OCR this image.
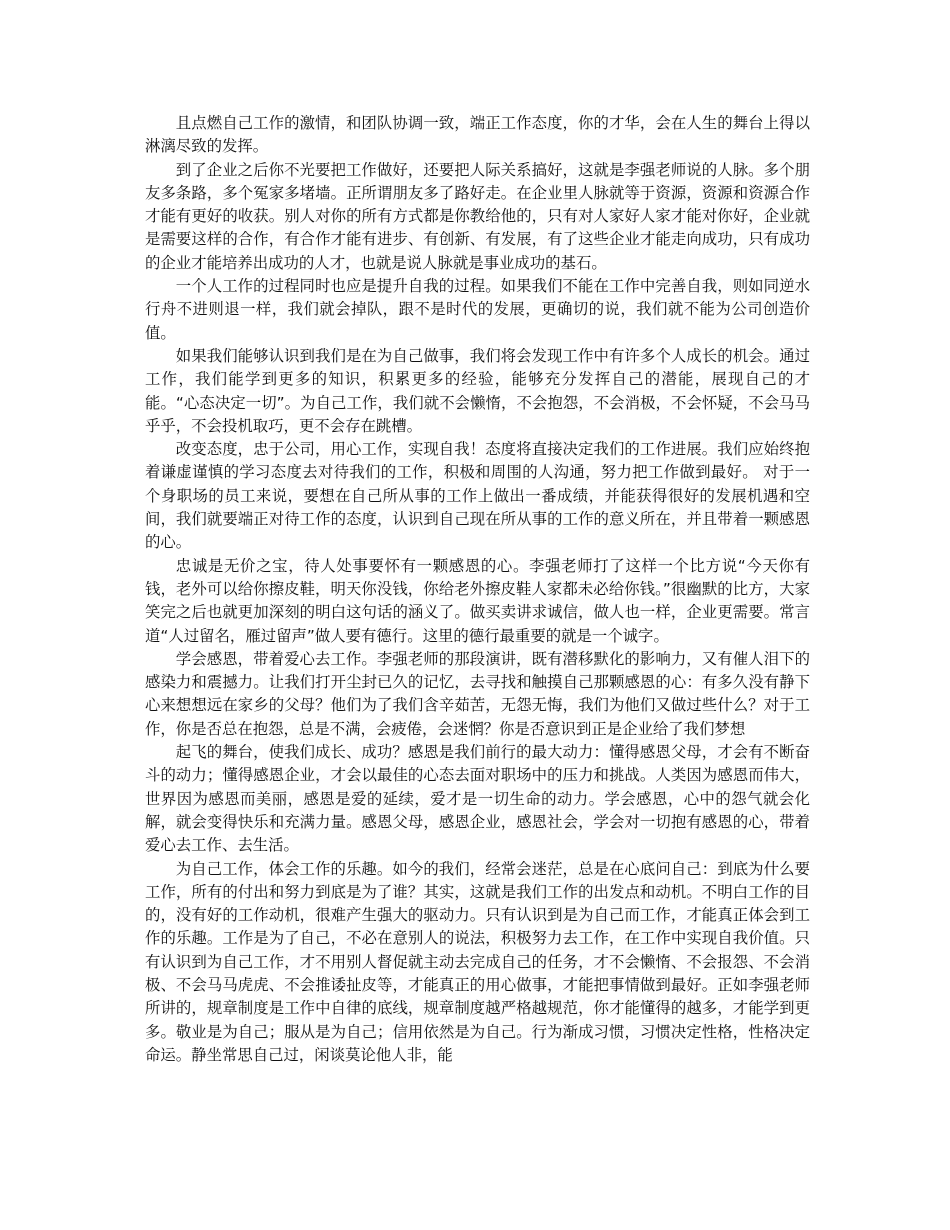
且点燃自己工作的激情，和团队协调一致，端正工作态度，你的才华，会在人生的舞台上得以淋漓尽致的发挥。

到了企业之后你不光要把工作做好，还要把人际关系搞好，这就是李强老师说的人脉。多个朋友多条路，多个冤家多堵墙。正所谓朋友多了路好走。在企业里人脉就等于资源，资源和资源合作才能有更好的收获。别人对你的所有方式都是你教给他的，只有对人家好人家才能对你好，企业就是需要这样的合作，有合作才能有进步、有创新、有发展，有了这些企业才能走向成功，只有成功的企业才能培养出成功的人才，也就是说人脉就是事业成功的基石。

一个人工作的过程同时也应是提升自我的过程。如果我们不能在工作中完善自我，则如同逆水行舟不进则退一样，我们就会掉队，跟不是时代的发展，更确切的说，我们就不能为公司创造价值。

如果我们能够认识到我们是在为自己做事，我们将会发现工作中有许多个人成长的机会。通过工作，我们能学到更多的知识，积累更多的经验，能够充分发挥自己的潜能，展现自己的才能。“心态决定一切”。为自己工作，我们就不会懒惰，不会抱怨，不会消极，不会怀疑，不会马马乎乎，不会投机取巧，更不会存在跳槽。

改变态度，忠于公司，用心工作，实现自我！态度将直接决定我们的工作进展。我们应始终抱着谦虚谨慎的学习态度去对待我们的工作，积极和周围的人沟通，努力把工作做到最好。 对于一个身职场的员工来说，要想在自己所从事的工作上做出一番成绩，并能获得很好的发展机遇和空间，我们就要端正对待工作的态度，认识到自己现在所从事的工作的意义所在，并且带着一颗感恩的心。

忠诚是无价之宝，待人处事要怀有一颗感恩的心。李强老师打了这样一个比方说“今天你有钱，老外可以给你擦皮鞋，明天你没钱，你给老外擦皮鞋人家都未必给你钱。”很幽默的比方，大家笑完之后也就更加深刻的明白这句话的涵义了。做买卖讲求诚信，做人也一样，企业更需要。常言道“人过留名，雁过留声”做人要有德行。这里的德行最重要的就是一个诚字。

学会感恩，带着爱心去工作。李强老师的那段演讲，既有潜移默化的影响力，又有催人泪下的感染力和震撼力。让我们打开尘封已久的记忆，去寻找和触摸自己那颗感恩的心：有多久没有静下心来想想远在家乡的父母？他们为了我们含辛茹苦，无怨无悔，我们为他们又做过些什么？对于工作，你是否总在抱怨，总是不满，会疲倦，会迷惘？你是否意识到正是企业给了我们梦想

起飞的舞台，使我们成长、成功？感恩是我们前行的最大动力：懂得感恩父母，才会有不断奋斗的动力；懂得感恩企业，才会以最佳的心态去面对职场中的压力和挑战。人类因为感恩而伟大，世界因为感恩而美丽，感恩是爱的延续，爱才是一切生命的动力。学会感恩，心中的怨气就会化解，就会变得快乐和充满力量。感恩父母，感恩企业，感恩社会，学会对一切抱有感恩的心，带着爱心去工作、去生活。

为自己工作，体会工作的乐趣。如今的我们，经常会迷茫，总是在心底问自己：到底为什么要工作，所有的付出和努力到底是为了谁？其实，这就是我们工作的出发点和动机。不明白工作的目的，没有好的工作动机，很难产生强大的驱动力。只有认识到是为自己而工作，才能真正体会到工作的乐趣。工作是为了自己，不必在意别人的说法，积极努力去工作，在工作中实现自我价值。只有认识到为自己工作，才不用别人督促就主动去完成自己的任务，才不会懒惰、不会报怨、不会消极、不会马马虎虎、不会推诿扯皮等，才能真正的用心做事，才能把事情做到最好。正如李强老师所讲的，规章制度是工作中自律的底线，规章制度越严格越规范，你才能懂得的越多，才能学到更多。敬业是为自己；服从是为自己；信用依然是为自己。行为渐成习惯，习惯决定性格，性格决定命运。静坐常思自己过，闲谈莫论他人非，能
